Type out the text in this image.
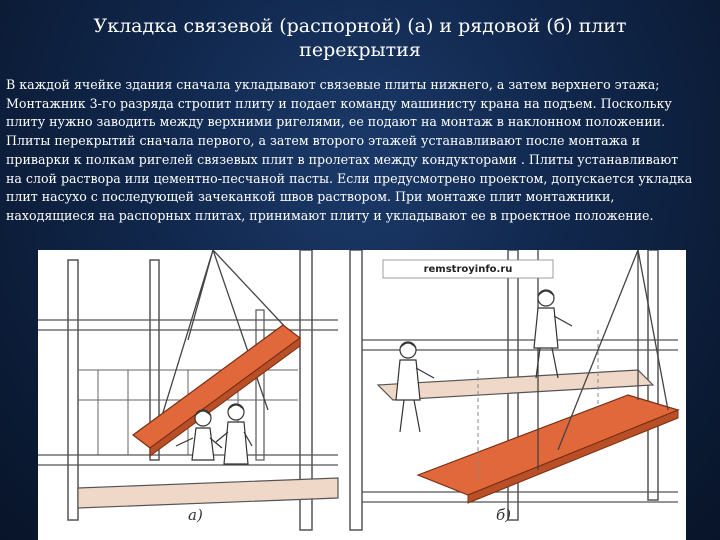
Укладка связевой (распорной) (а) и рядовой (б) плит перекрытия

В каждой ячейке здания сначала укладывают связевые плиты нижнего, а затем верхнего этажа; Монтажник 3-го разряда стропит плиту и подает команду машинисту крана на подъем. Поскольку плиту нужно заводить между верхними ригелями, ее подают на монтаж в наклонном положении. Плиты перекрытий сначала первого, а затем второго этажей устанавливают после монтажа и приварки к полкам ригелей связевых плит в пролетах между кондукторами . Плиты устанавливают на слой раствора или цементно-песчаной пасты. Если предусмотрено проектом, допускается укладка плит насухо с последующей зачеканкой швов раствором. При монтаже плит монтажники, находящиеся на распорных плитах, принимают плиту и укладывают ее в проектное положение.

remstroyinfo.ru
а)	б)
